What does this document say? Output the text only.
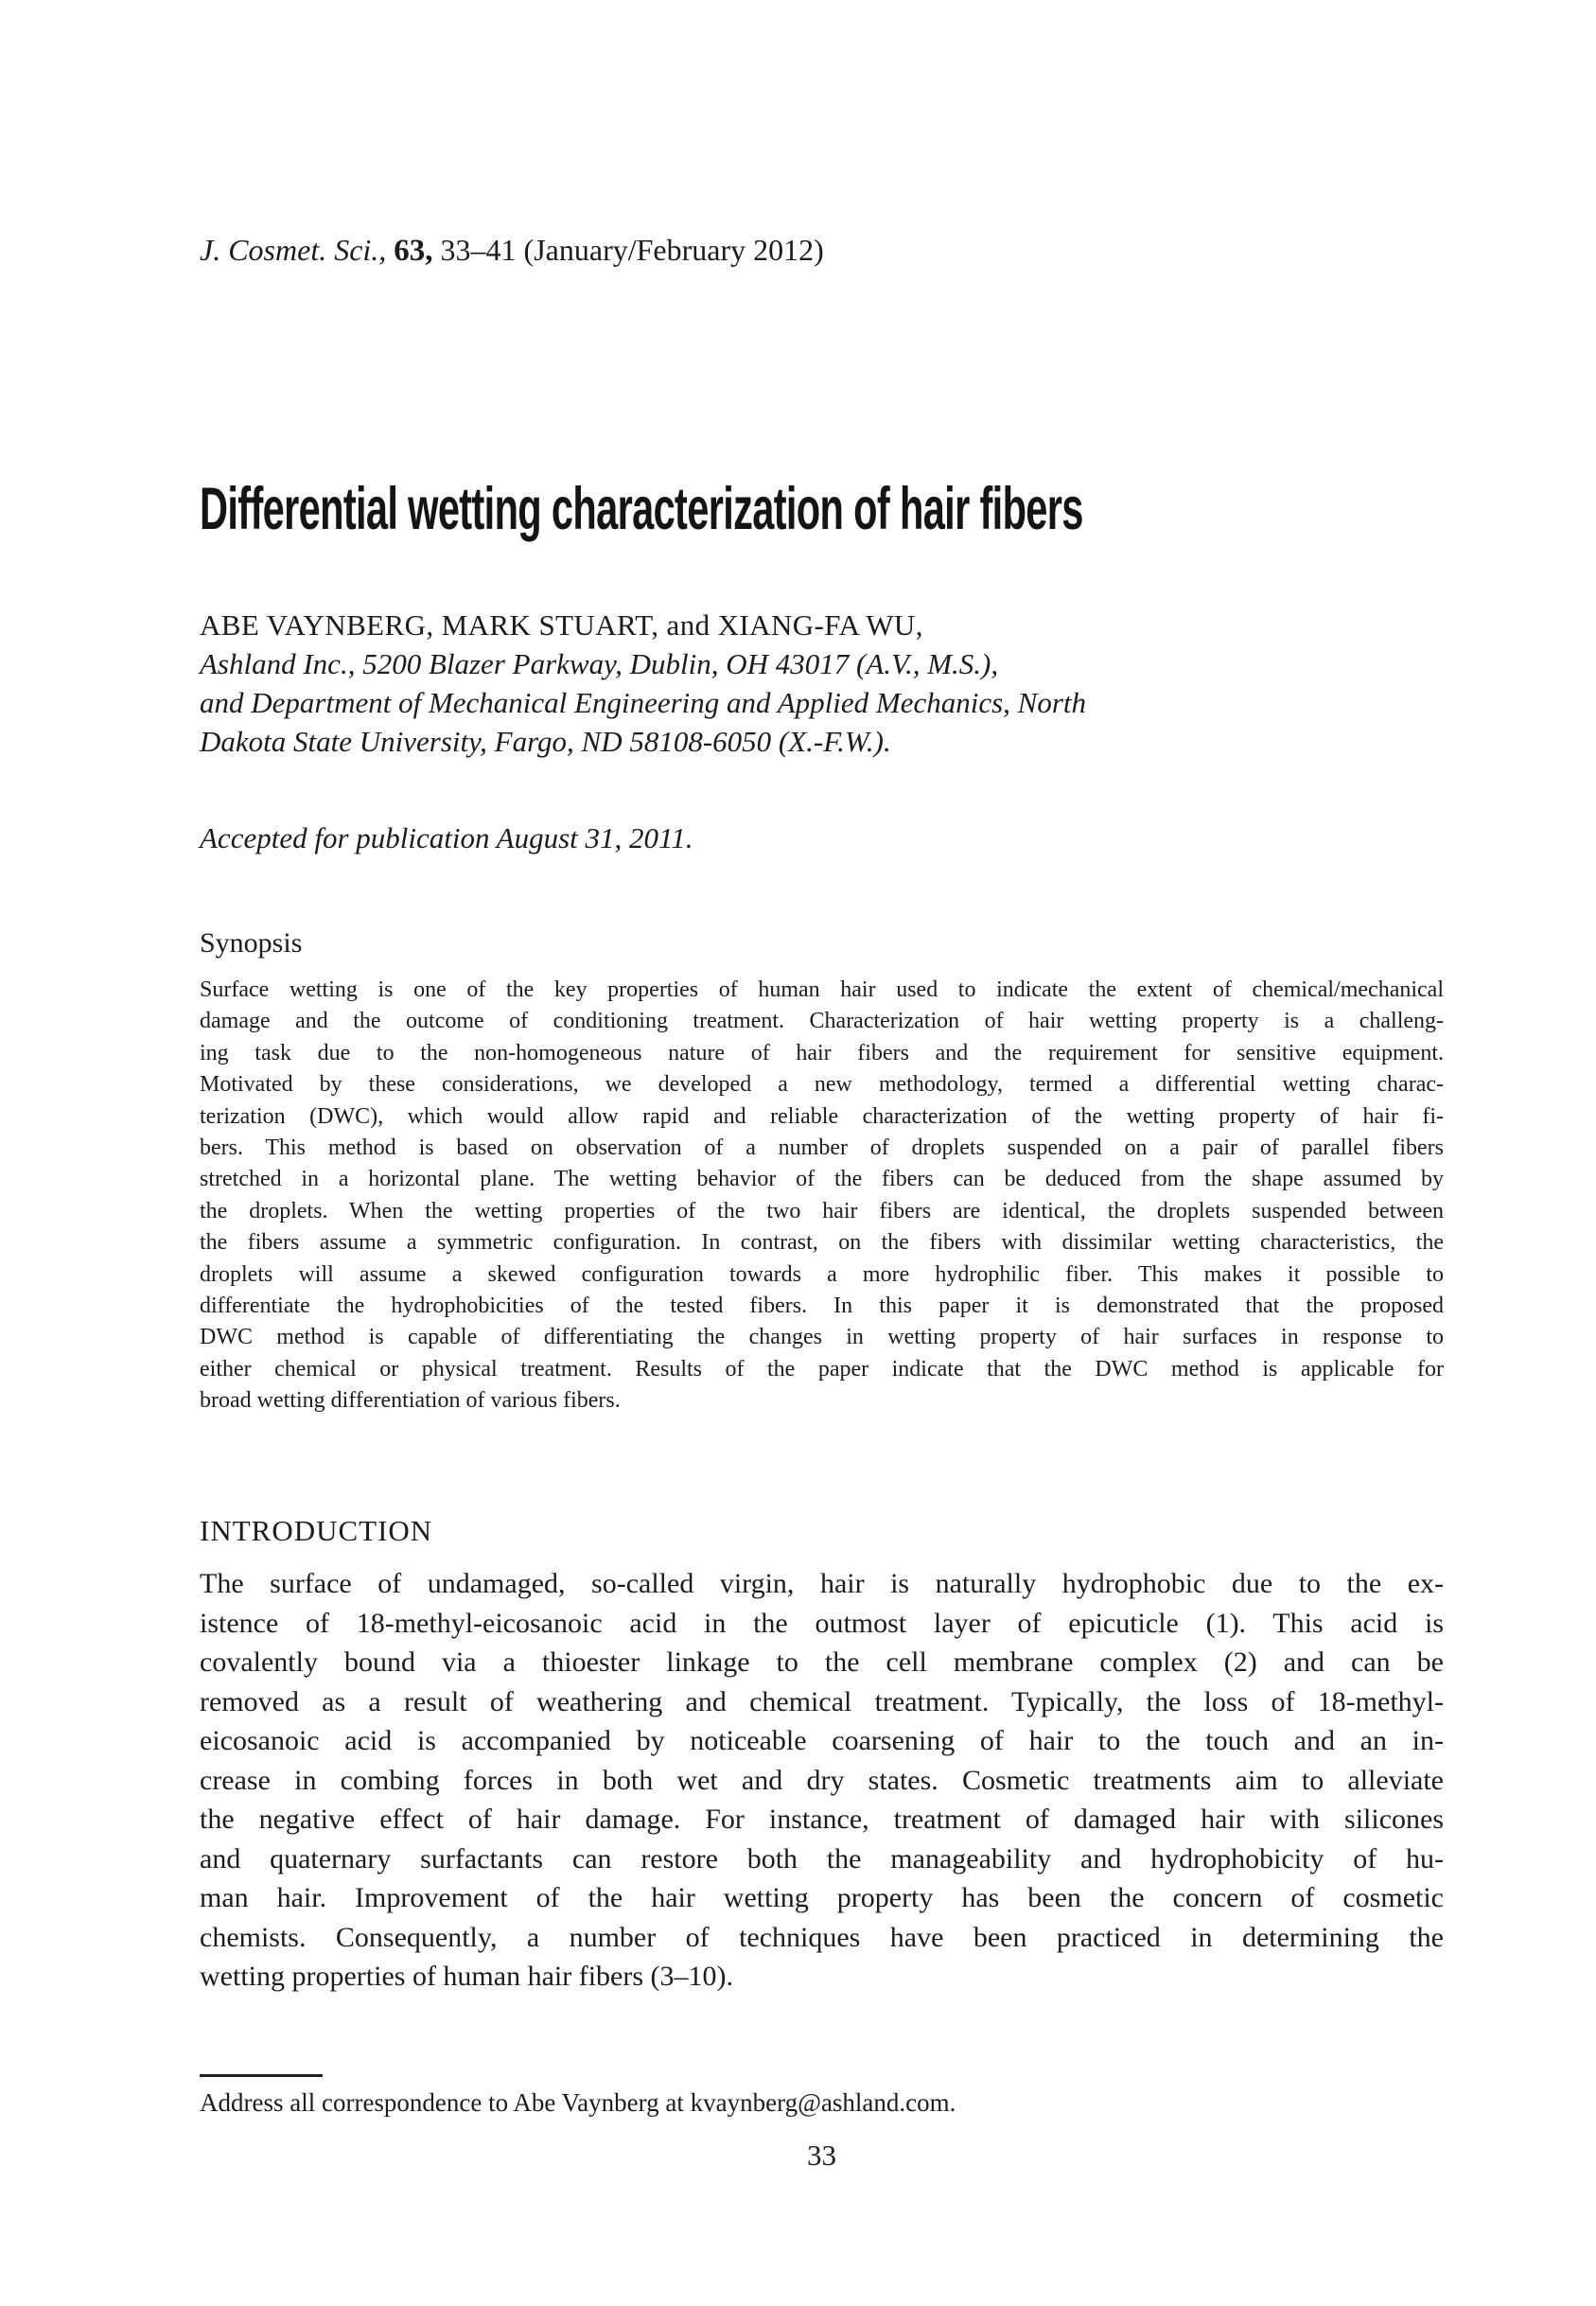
J. Cosmet. Sci., 63, 33–41 (January/February 2012)
Differential wetting characterization of hair fibers
ABE VAYNBERG, MARK STUART, and XIANG-FA WU,
Ashland Inc., 5200 Blazer Parkway, Dublin, OH 43017 (A.V., M.S.),
and Department of Mechanical Engineering and Applied Mechanics, North
Dakota State University, Fargo, ND 58108-6050 (X.-F.W.).
Accepted for publication August 31, 2011.
Synopsis
Surface wetting is one of the key properties of human hair used to indicate the extent of chemical/mechanical
damage and the outcome of conditioning treatment. Characterization of hair wetting property is a challeng-
ing task due to the non-homogeneous nature of hair fibers and the requirement for sensitive equipment.
Motivated by these considerations, we developed a new methodology, termed a differential wetting charac-
terization (DWC), which would allow rapid and reliable characterization of the wetting property of hair fi-
bers. This method is based on observation of a number of droplets suspended on a pair of parallel fibers
stretched in a horizontal plane. The wetting behavior of the fibers can be deduced from the shape assumed by
the droplets. When the wetting properties of the two hair fibers are identical, the droplets suspended between
the fibers assume a symmetric configuration. In contrast, on the fibers with dissimilar wetting characteristics, the
droplets will assume a skewed configuration towards a more hydrophilic fiber. This makes it possible to
differentiate the hydrophobicities of the tested fibers. In this paper it is demonstrated that the proposed
DWC method is capable of differentiating the changes in wetting property of hair surfaces in response to
either chemical or physical treatment. Results of the paper indicate that the DWC method is applicable for
broad wetting differentiation of various fibers.
INTRODUCTION
The surface of undamaged, so-called virgin, hair is naturally hydrophobic due to the ex-
istence of 18-methyl-eicosanoic acid in the outmost layer of epicuticle (1). This acid is
covalently bound via a thioester linkage to the cell membrane complex (2) and can be
removed as a result of weathering and chemical treatment. Typically, the loss of 18-methyl-
eicosanoic acid is accompanied by noticeable coarsening of hair to the touch and an in-
crease in combing forces in both wet and dry states. Cosmetic treatments aim to alleviate
the negative effect of hair damage. For instance, treatment of damaged hair with silicones
and quaternary surfactants can restore both the manageability and hydrophobicity of hu-
man hair. Improvement of the hair wetting property has been the concern of cosmetic
chemists. Consequently, a number of techniques have been practiced in determining the
wetting properties of human hair fibers (3–10).
Address all correspondence to Abe Vaynberg at kvaynberg@ashland.com.
33
